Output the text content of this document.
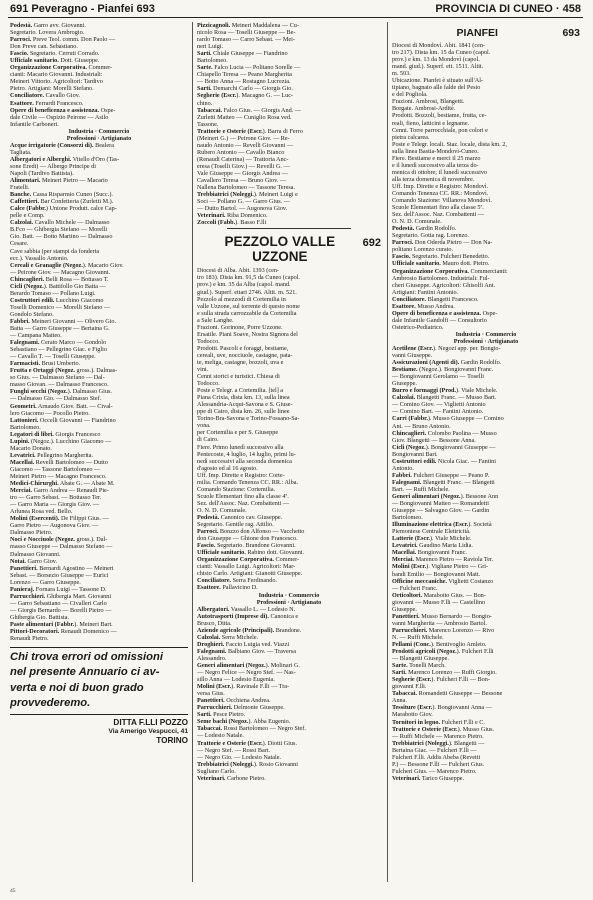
691 Peveragno - Pianfei 693	PROVINCIA DI CUNEO · 458
Podestà. Garro avv. Giovanni.
Segretario. Lovera Ambrogio.
Parroci. Preve Teol. comm. Don Paolo —
Don Preve can. Sebastiano.
Fascio. Segretario. Cerruti Corrado.
Ufficiale sanitario. Dott. Giuseppe.
Organizzazione Corporativa. Commer-
cianti: Macario Giovanni. Industriali:
Meineri Vittorio. Agricoltori: Tardivo
Pietro. Artigiani: Morelli Stefano.
Conciliatore. Cavallo Giov.
Esattore. Ferrardi Francesco.
Opere di beneficenza e assistenza. Ospe-
dale Civile — Ospizio Peirone — Asilo
Infantile Carboneri.
Industria · Commercio
Professioni · Artigianato
Acque irrigatorie (Consorzi di). Bealera
Tagliata.
Albergatori e Alberghi. Vitello d'Oro (Tas-
sone Eredi) — Albergo Principe di
Napoli (Tardivo Battista).
Alimentari. Meineri Pietro — Macario
Fratelli.
Banche. Cassa Risparmio Cuneo (Succ.).
Caffettieri. Bar Confetteria (Zurletti M.).
Calce (Fabbr.) Unione Produtt. calce Cap-
pelle e Comp.
Calzolai. Cavallo Michele — Dalmasso
B.Fco — Ghibergia Stefano — Morelli
Gio. Batt. — Botto Martino — Dalmasso
Cesare.
Cave sabbia (per stampi da fonderia
ecc.). Vassallo Antonio.
Cereali e Granaglie (Negoz.). Macario Giov.
— Peirone Giov. — Macagno Giovanni.
Chincaglieri. Belli Rosa — Bottasso T.
Cicli (Negoz.). Battifollo Gio Batta —
Berardo Tomaso — Pollano Luigi.
Costruttori edili. Lucchino Giacomo
Toselli Domenico — Morelli Stefano —
Gondolo Stefano.
Fabbri. Meineri Giovanni — Olivero Gio.
Batta — Garro Giuseppe — Bertaina G.
— Campana Matteo.
Falegnami. Cerato Marco — Gondolo
Sebastiano — Pellegrino Giac. e Figlio
— Cavallo T. — Toselli Giuseppe.
Farmacisti. Brusi Umberto.
Frutta e Ortaggi (Negoz. gross.). Dalmas-
so Gius. — Dalmasso Stefano — Dal-
masso Giovan. — Dalmasso Francesco.
Funghi secchi (Negoz.). Dalmasso Gius.
— Dalmasso Gio. — Dalmasso Stef.
Geometri. Arnaudo Giov. Batt. — Cival-
lero Giacomo — Pocollo Pietro.
Lattonieri. Occelli Giovanni — Fiandrino
Bartolomeo.
Legatori di libri. Giorgis Francesco
Lupini. (Negoz.). Lucchino Giacomo —
Macario Donato.
Levatrici. Pellegrino Margherita.
Macellai. Revelli Bartolomeo — Dutto
Giacomo — Tassone Bartolomeo —
Meineri Pietro — Macagno Francesco.
Medici-Chirurghi. Abate G. — Abate M.
Merciai. Garro Andrea — Renaudi Pie-
tro — Garro Sebast. — Bottasso Ter.
— Garro Maria — Giorgis Giov. —
Arlunea Rosa ved. Bello.
Molini (Esercenti). De Filippi Gius. —
Garro Pietro — Augonova Giov. —
Dalmasso Pietro.
Noci e Nocciuole (Negoz. gross.). Dal-
masso Giuseppe — Dalmasso Stefano —
Dalmasso Giovanni.
Notai. Garro Giov.
Panettieri. Bernardi Agostino — Meineri
Sebast. — Borsezio Giuseppe — Eurici
Lorenzo — Garro Giuseppe.
Panieraj. Fornara Luigi — Tassone D.
Parrucchieri. Ghibergia Mart. Giovanni
— Garro Sebastiano — Civalleri Carlo
— Giorgis Bernardo — Borelli Pietro —
Ghibergia Gio. Battista.
Paste alimentari (Fabbr.). Meineri Bart.
Pittori-Decoratori. Renaudi Domenico —
Renaudi Pietro.
Chi trova errori od omissioni
nel presente Annuario ci av-
verta e noi di buon grado
provvederemo.
DITTA F.LLI POZZO
Via Amerigo Vespucci, 41
TORINO
Pizzicagnoli. Meineri Maddalena — Cu-
nicolo Rosa — Toselli Giuseppe — Be-
rardo Tomaso — Carro Sebast. — Mei-
neri Luigi.
Sarti. Chiale Giuseppe — Fiandrino
Bartolomeo.
Sarte. Falco Lucia — Politano Sorelle —
Chiapello Teresa — Peano Margherita
— Botto Anna — Rostagno Lucrezia.
Sarti. Demarchi Carlo — Giorgis Gio.
Segherie (Escr.). Macagno G. — Luc-
chino.
Tabaccai. Falco Gius. — Giorgis And. —
Zurletti Matteo — Cuniglio Rosa ved.
Tassone.
Trattorie e Osterie (Escr.). Barra di Ferro
(Meineri G.) — Peirone Giov. — Re-
naudo Antonio — Revelli Giovanni —
Rubero Antonio — Cavallo Bianco
(Renaudi Caterina) — Trattoria Anc-
eresa (Toselli Giov.) — Revelli G. —
Vale Giuseppe — Giorgis Andrea —
Cavallero Teresa — Bruno Giov. —
Nallena Bartolomeo — Tassone Teresa.
Trebbiatrici (Noleggi.). Meineri Luigi e
Soci — Pollano G. — Garro Gius. —
— Dutto Bartol. — Augonova Giov.
Veterinari. Riba Domenico.
Zoccoli (Fabb.). Basso F.lli
PEZZOLO VALLE
UZZONE
692
Diocesi di Alba. Abit. 1393 (cen-
tro 183). Dista km. 91,5 da Cuneo (capol.
prov.) e km. 35 da Alba (capol. mand.
giud.). Superf. ettari 2746. Altit. m. 521.
Pezzolo al mezzodì di Cortemilia in
valle Uzzone, sul torrente di questo nome
e sulla strada carrozzabile da Cortemilia
a Sale Langhe.
Frazioni. Gorinone, Porre Uzzone.
Ersatile. Piani Soave, Nostra Signora del
Todocco.
Prodotti. Pascoli e foraggi, bestiame,
cereali, uve, nocciuole, castagne, pata-
te, meliga, castagne, bozzoli, uva e
vini.
Cenni storici e turistici. Chiesa di
Todocco.
Poste e Telegr. a Cortemilia. [tel] a
Piana Crixia, dista km. 13, sulla linea
Alessandria-Acqui-Savona e S. Giuse-
ppe di Cairo, dista km. 26, sulle linee
Torino-Bra-Savona e Torino-Fossano-Sa-
vona.
per Cortemilia e per S. Giuseppe
di Cairo.
Fiere. Primo lunedì successivo alla
Pentecoste, 4 luglio, 14 luglio, primi lu-
nedì successivi alla seconda domenica
d'agosto ed al 16 agosto.
Uff. Imp. Dirette e Registro: Corte-
milia. Comando Tenenza CC. RR.: Alba.
Comando Stazione: Cortemilia.
Scuole Elementari fino alla classe 4ª.
Sez. dell'Assoc. Naz. Combattenti —
O. N. D. Comunale.
Podestà. Canonico cav. Giuseppe.
Segretario. Gentile rag. Attilio.
Parroci. Bonzzo don Alfonso — Vacchetto
don Giuseppe — Ghione don Francesco.
Fascio. Segretario. Brandone Giovanni.
Ufficiale sanitario. Rabino dott. Giovanni.
Organizzazione Corporativa. Commer-
cianti: Vassallo Luigi. Agricoltori: Mar-
chisio Carlo. Artigiani: Gianotti Giuseppe.
Conciliatore. Serra Ferdinando.
Esattore. Pallavicino D.
Industria · Commercio
Professioni · Artigianato
Albergatori. Vassallo L. — Lodesio N.
Autotrasporti (Imprese di). Canonica e
Brusco, Ditta.
Aziende agricole (Principali). Brandone.
Calzolai. Serra Michele.
Droghieri. Faccio Luigia ved. Viazzi
Falegnami. Balbiano Giov. — Traversa
Alessandro.
Generi alimentari (Negoz.). Molinari G.
— Negro Felice — Negro Stef. — Nas-
sillo Anna — Lodesio Eugenia.
Molini (Escr.). Ravinale F.lli — Tra-
versa Gius.
Panettieri. Occhiena Andrea.
Parrucchieri. Delmonte Giuseppe.
Sarti. Pesce Pietro.
Seme bachi (Negoz.). Abba Eugenio.
Tabaccai. Rossi Bartolomeo — Negro Stef.
— Lodesio Natale.
Trattorie e Osterie (Escr.). Diotti Gius.
— Negro Stef. — Rossi Bart.
— Negro Gio. — Lodesio Natale.
Trebbiatrici (Noleggi.). Rosio Giovanni
Sugliano Carlo.
Veterinari. Carbone Pietro.
PIANFEI	693
Diocesi di Mondovì. Abit. 1841 (cen-
tro 217). Dista km. 15 da Cuneo (capol.
prov.) e km. 13 da Mondovì (capol.
mand. giud.). Superf. ett. 1511. Altit.
m. 503.
Ubicazione. Pianfei è situato sull'Al-
tipiano, bagnato alle falde del Pesio
e del Pogliola.
Frazioni. Ambrosi, Blangetti.
Borgate. Ambrosi-Arditè.
Prodotti. Bozzoli, bestiame, frutta, ce-
reali, fieno, latticini e legname.
Cenni. Torre parrocchiale, pon colori e
pietra calcarea.
Poste e Telegr. locali. Staz. locale, dista km. 2,
sulla linea Bastia-Mondovì-Cuneo.
Fiere. Bestiame e merci il 25 marzo
e il lunedì successivo alla terza do-
menica di ottobre; il lunedì successivo
alla terza domenica di novembre.
Uff. Imp. Dirette e Registro: Mondovì.
Comando Tenenza CC. RR.: Mondovì.
Comando Stazione: Villanova Mondovì.
Scuole Elementari fino alla classe 5ª.
Sez. dell'Assoc. Naz. Combattenti —
O. N. D. Comunale.
Podestà. Gardin Rodolfo.
Segretario. Gotta rag. Lorenzo.
Parroci. Don Oderda Pietro — Don Na-
politano Lorenzo curato.
Fascio. Segretario. Fulcheri Benedetto.
Ufficiale sanitario. Mauro dott. Pietro.
Organizzazione Corporativa. Commercianti:
Ambrosio Bartolomeo. Industriali: Ful-
cheri Giuseppe. Agricoltori: Ghisolfi Ant.
Artigiani: Fantini Antonio.
Conciliatore. Blangetti Francesco.
Esattore. Musso Andrea.
Opere di beneficenza e assistenza. Ospe-
dale Infantile Gandolfi — Consultorio
Ostetrico-Pediatrico.
Industria · Commercio
Professioni · Artigianato
Acetilene (Escr.). Negozi app. per. Bongio-
vanni Giuseppe.
Assicurazioni (Agenti di). Gardin Rodolfo.
Bestiame. (Negoz.). Bongiovanni Franc.
— Bongiovanni Gerolamo — Toselli
Giuseppe.
Burro e formaggi (Prod.). Viale Michele.
Calzolai. Blangetti Franc. — Musso Bart.
— Comino Giov. — Viglietti Antonio
— Comino Bart. — Fantini Antonio.
Carri (Fabbr.). Musso Giuseppe — Comino
Ant. — Bruno Antonio.
Chincaglieri. Colombo Paolina — Musso
Giov. Blangetti — Bessone Anna.
Cicli (Negoz.). Bongiovanni Giuseppe —
Bongiovanni Bart.
Costruttori edili. Nicola Giac. — Fantini
Antonio.
Fabbri. Fulcheri Giuseppe — Peano P.
Falegnami. Blangetti Franc. — Blangetti
Bart. — Ruffi Michele.
Generi alimentari (Negoz.). Bessone Ann
— Bongiovanni Matteo — Romandetti
Giuseppe — Salvagno Giov. — Gardin
Bartolomeo.
Illuminazione elettrica (Escr.). Società
Piemontese Centrale Elettricità.
Latterie (Escr.). Viale Michele.
Levatrici. Gaudino Maria Lidia.
Macellai. Bongiovanni Franc.
Merciai. Marenco Pietro — Raviola Ter.
Molini (Escr.). Vigliane Pietro — Gri-
bandi Emilio — Bongiovanni Matt.
Officine meccaniche. Viglietti Costanzo
— Fulcheri Franc.
Orticoltori. Marabotto Gius. — Bon-
giovanni — Musso F.lli — Castellino
Giuseppe.
Panettieri. Musso Bernardo — Bongio-
vanni Margherita — Ambrosio Bartol.
Parrucchieri. Marenco Lorenzo — Rivo
N. — Ruffi Michele.
Pellami (Conc.). Bentivoglio Amleto.
Prodotti agricoli (Negoz.). Fulcheri F.lli
— Blangetti Giuseppe.
Sarte. Tonelli March.
Sarti. Marenco Lorenzo — Ruffi Giorgio.
Segherie (Escr.). Fulcheri F.lli — Bon-
giovanni F.lli.
Tabaccai. Romandetti Giuseppe — Bessone
Anna.
Tessiture (Escr.). Bongiovanni Anna —
Marabotto Giov.
Tornitori in legno. Fulcheri F.lli e C.
Trattorie e Osterie (Escr.). Musso Gius.
— Ruffi Michele — Marenco Pietro.
Trebbiatrici (Noleggi.). Blangetti —
Bertaina Giac. — Fulcheri F.lli —
Fulcheri F.lli. Addis Abeba (Revetti
P.) — Bessone F.lli — Fulcheri Gius.
Fulcheri Gius. — Marenco Pietro.
Veterinari. Tarico Giuseppe.
45
